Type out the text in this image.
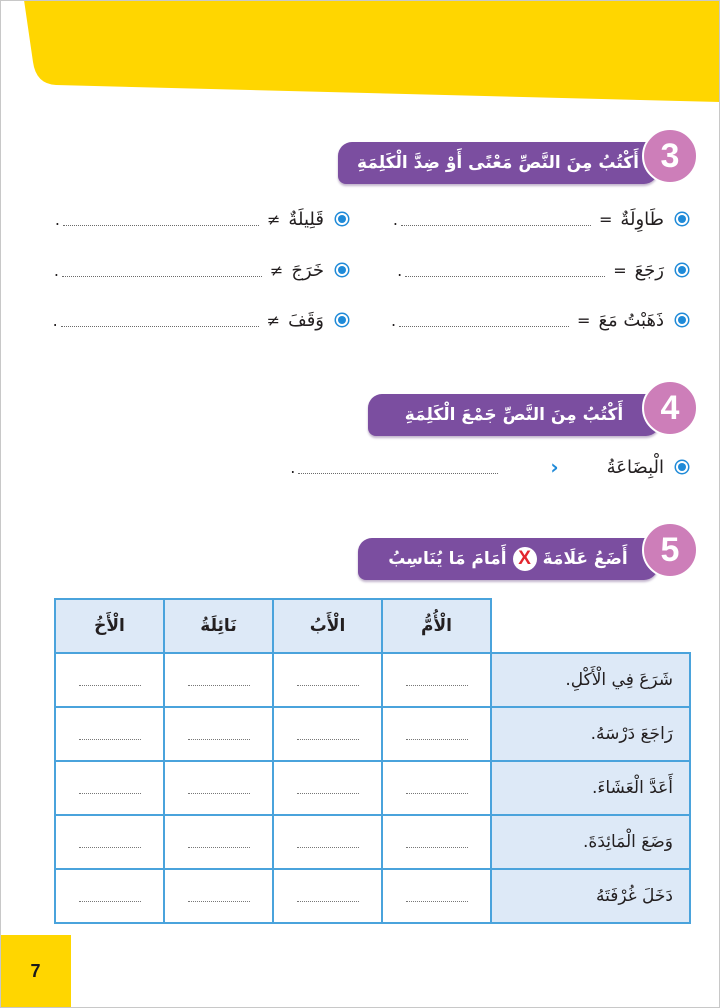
أَكْتُبُ مِنَ النَّصِّ مَعْنًى أَوْ ضِدَّ الْكَلِمَةِ 3
طَاوِلَةٌ
=
.
رَجَعَ
=
.
ذَهَبْتُ مَعَ
=
.
قَلِيلَةٌ
≠
.
خَرَجَ
≠
.
وَقَفَ
≠
.
أَكْتُبُ مِنَ النَّصِّ جَمْعَ الْكَلِمَةِ	4
الْبِضَاعَةُ
‹
.
أَضَعُ عَلَامَةَ
X
أَمَامَ مَا يُنَاسِبُ	5
	الْأُمُّ	الْأَبُ	نَائِلَةُ	الْأَخُ
شَرَعَ فِي الْأَكْلِ.				
رَاجَعَ دَرْسَهُ.				
أَعَدَّ الْعَشَاءَ.				
وَضَعَ الْمَائِدَةَ.				
دَخَلَ غُرْفَتَهُ				
7
